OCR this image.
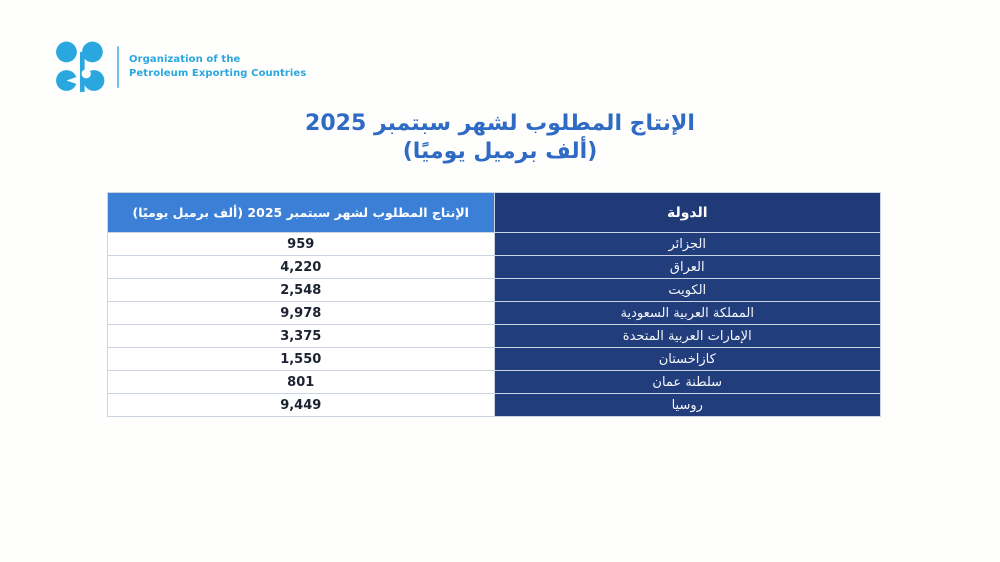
Organization of the
Petroleum Exporting Countries
الإنتاج المطلوب لشهر سبتمبر 2025
(ألف برميل يوميًا)
الدولة	الإنتاج المطلوب لشهر سبتمبر 2025 (ألف برميل يوميًا)
الجزائر	959
العراق	4,220
الكويت	2,548
المملكة العربية السعودية	9,978
الإمارات العربية المتحدة	3,375
كازاخستان	1,550
سلطنة عمان	801
روسيا	9,449
